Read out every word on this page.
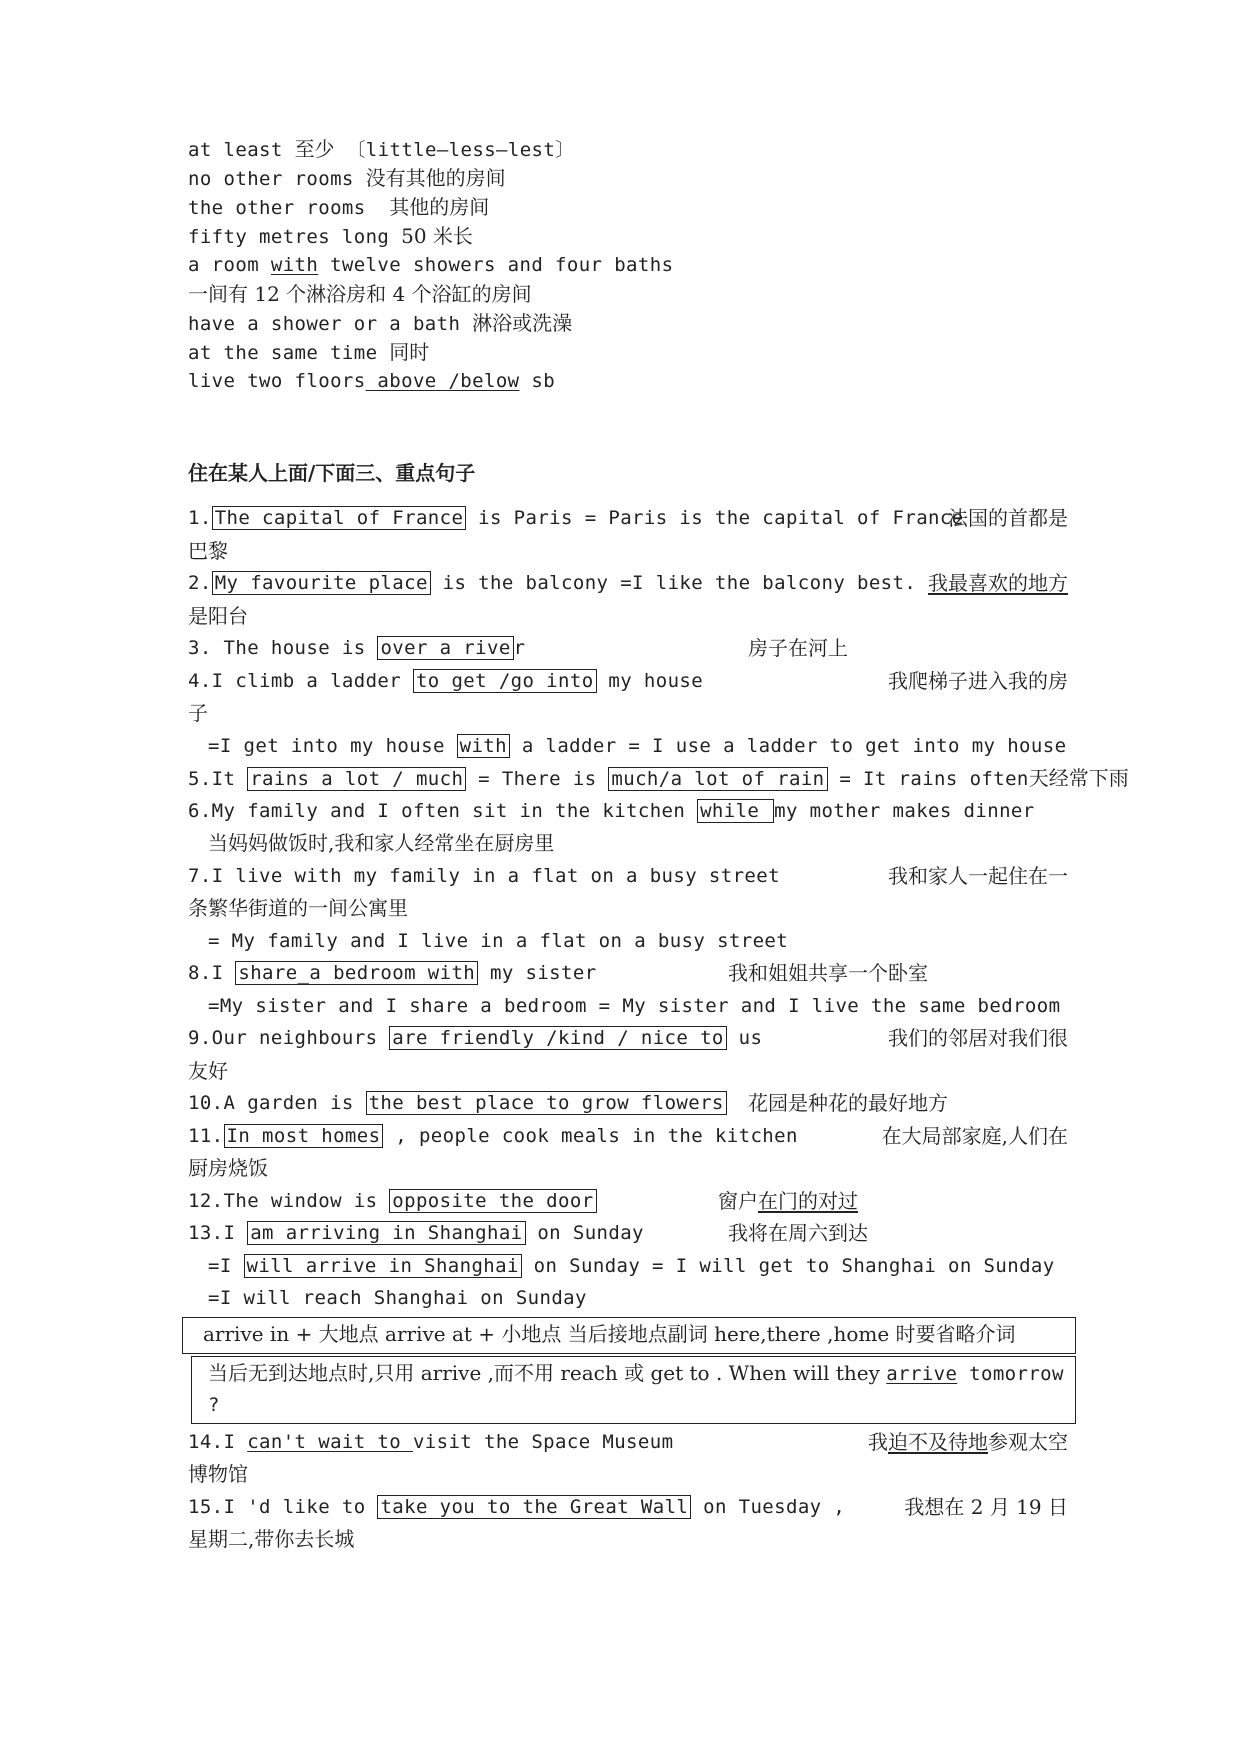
at least 至少 〔little—less—lest〕
no other rooms 没有其他的房间
the other rooms 其他的房间
fifty metres long 50 米长
a room with twelve showers and four baths
一间有 12 个淋浴房和 4 个浴缸的房间
have a shower or a bath 淋浴或洗澡
at the same time 同时
live two floors above /below sb
住在某人上面/下面三、重点句子
1. The capital of France is Paris = Paris is the capital of France
法国的首都是
巴黎
2. My favourite place is the balcony =I like the balcony best. 我最喜欢的地方
是阳台
3. The house is over a rive r	房子在河上
4.I climb a ladder to get /go into my house	我爬梯子进入我的房
子
=I get into my house with a ladder = I use a ladder to get into my house
5.It rains a lot / much = There is much/a lot of rain = It rains often天经常下雨
6.My family and I often sit in the kitchen while my mother makes dinner
当妈妈做饭时,我和家人经常坐在厨房里
7.I live with my family in a flat on a busy street	我和家人一起住在一
条繁华街道的一间公寓里
= My family and I live in a flat on a busy street
8.I share_a bedroom with my sister	我和姐姐共享一个卧室
=My sister and I share a bedroom = My sister and I live the same bedroom
9.Our neighbours are friendly /kind / nice to us	我们的邻居对我们很
友好
10.A garden is the best place to grow flowers 花园是种花的最好地方
11. In most homes , people cook meals in the kitchen	在大局部家庭,人们在
厨房烧饭
12.The window is opposite the door	窗户在门的对过
13.I am arriving in Shanghai on Sunday	我将在周六到达
=I will arrive in Shanghai on Sunday = I will get to Shanghai on Sunday
=I will reach Shanghai on Sunday
arrive in + 大地点 arrive at + 小地点 当后接地点副词 here,there ,home 时要省略介词
当后无到达地点时,只用 arrive ,而不用 reach 或 get to . When will they arrive tomorrow ?
14.I can't wait to visit the Space Museum	我迫不及待地参观太空
博物馆
15.I 'd like to take you to the Great Wall on Tuesday ,	我想在 2 月 19 日
星期二,带你去长城
